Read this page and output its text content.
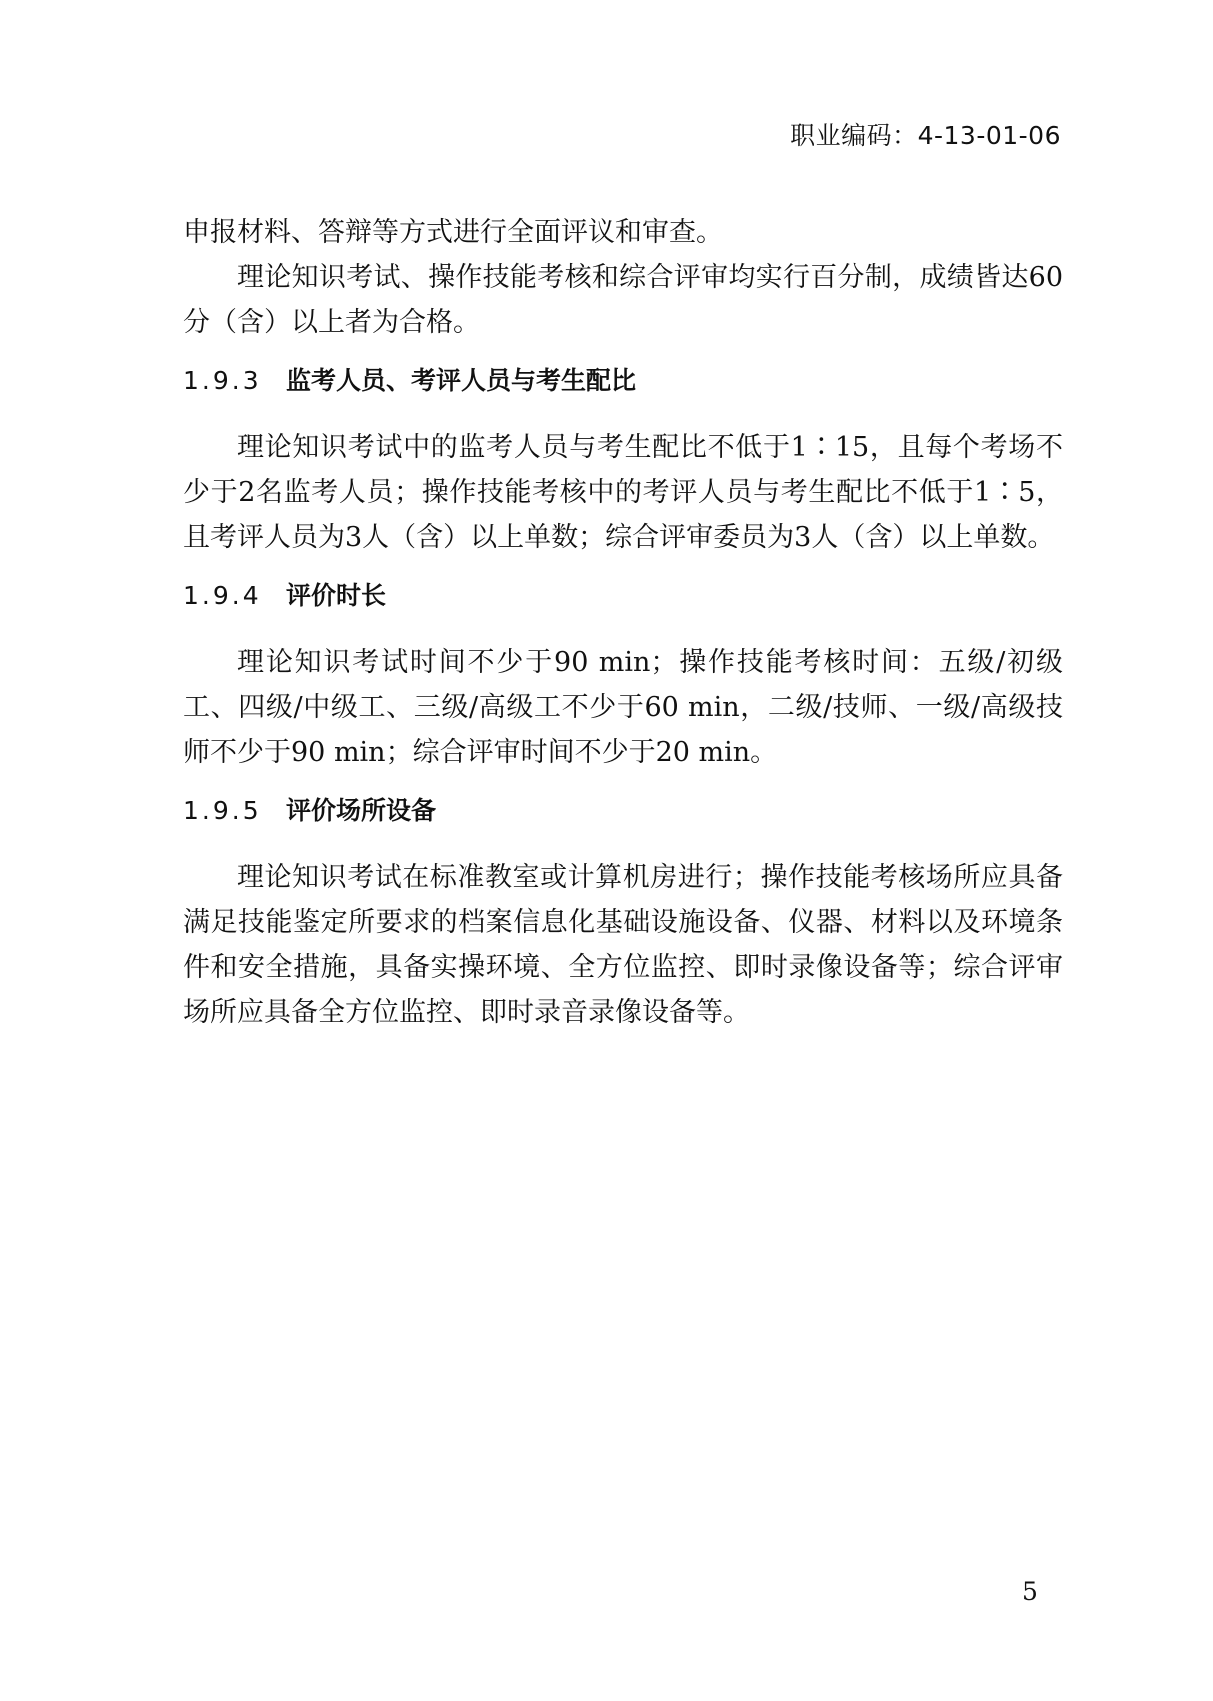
职业编码：4-13-01-06

申报材料、答辩等方式进行全面评议和审查。

理论知识考试、操作技能考核和综合评审均实行百分制，成绩皆达60分（含）以上者为合格。

1.9.3 监考人员、考评人员与考生配比

理论知识考试中的监考人员与考生配比不低于1∶15，且每个考场不少于2名监考人员；操作技能考核中的考评人员与考生配比不低于1∶5，且考评人员为3人（含）以上单数；综合评审委员为3人（含）以上单数。

1.9.4 评价时长

理论知识考试时间不少于90 min；操作技能考核时间：五级/初级工、四级/中级工、三级/高级工不少于60 min，二级/技师、一级/高级技师不少于90 min；综合评审时间不少于20 min。

1.9.5 评价场所设备

理论知识考试在标准教室或计算机房进行；操作技能考核场所应具备满足技能鉴定所要求的档案信息化基础设施设备、仪器、材料以及环境条件和安全措施，具备实操环境、全方位监控、即时录像设备等；综合评审场所应具备全方位监控、即时录音录像设备等。

5
